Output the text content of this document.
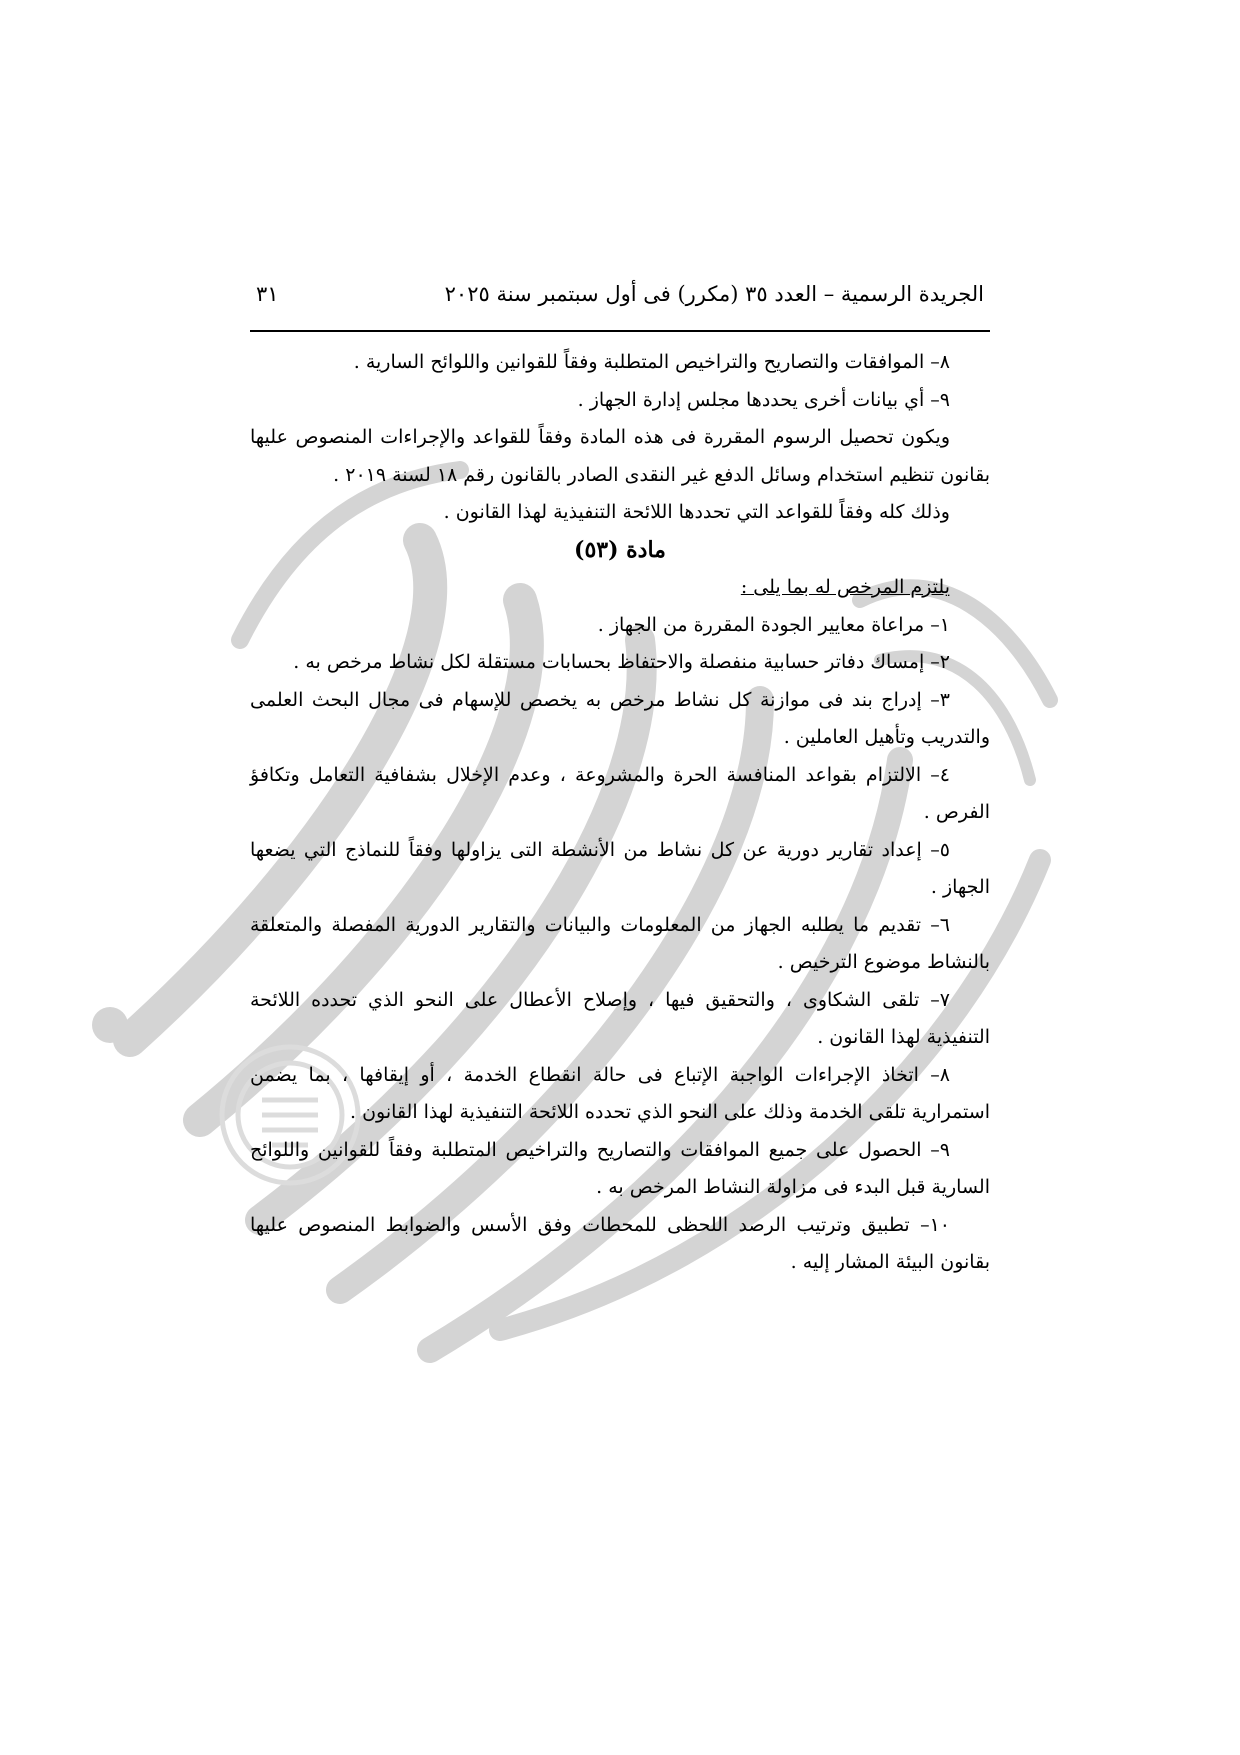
الجريدة الرسمية – العدد ٣٥ (مكرر) فى أول سبتمبر سنة ٢٠٢٥
٣١

٨– الموافقات والتصاريح والتراخيص المتطلبة وفقاً للقوانين واللوائح السارية .

٩– أي بيانات أخرى يحددها مجلس إدارة الجهاز .

ويكون تحصيل الرسوم المقررة فى هذه المادة وفقاً للقواعد والإجراءات المنصوص عليها بقانون تنظيم استخدام وسائل الدفع غير النقدى الصادر بالقانون رقم ١٨ لسنة ٢٠١٩ .

وذلك كله وفقاً للقواعد التي تحددها اللائحة التنفيذية لهذا القانون .

مادة (٥٣)

يلتزم المرخص له بما يلى :

١– مراعاة معايير الجودة المقررة من الجهاز .

٢– إمساك دفاتر حسابية منفصلة والاحتفاظ بحسابات مستقلة لكل نشاط مرخص به .

٣– إدراج بند فى موازنة كل نشاط مرخص به يخصص للإسهام فى مجال البحث العلمى والتدريب وتأهيل العاملين .

٤– الالتزام بقواعد المنافسة الحرة والمشروعة ، وعدم الإخلال بشفافية التعامل وتكافؤ الفرص .

٥– إعداد تقارير دورية عن كل نشاط من الأنشطة التى يزاولها وفقاً للنماذج التي يضعها الجهاز .

٦– تقديم ما يطلبه الجهاز من المعلومات والبيانات والتقارير الدورية المفصلة والمتعلقة بالنشاط موضوع الترخيص .

٧– تلقى الشكاوى ، والتحقيق فيها ، وإصلاح الأعطال على النحو الذي تحدده اللائحة التنفيذية لهذا القانون .

٨– اتخاذ الإجراءات الواجبة الإتباع فى حالة انقطاع الخدمة ، أو إيقافها ، بما يضمن استمرارية تلقى الخدمة وذلك على النحو الذي تحدده اللائحة التنفيذية لهذا القانون .

٩– الحصول على جميع الموافقات والتصاريح والتراخيص المتطلبة وفقاً للقوانين واللوائح السارية قبل البدء فى مزاولة النشاط المرخص به .

١٠– تطبيق وترتيب الرصد اللحظى للمحطات وفق الأسس والضوابط المنصوص عليها بقانون البيئة المشار إليه .
